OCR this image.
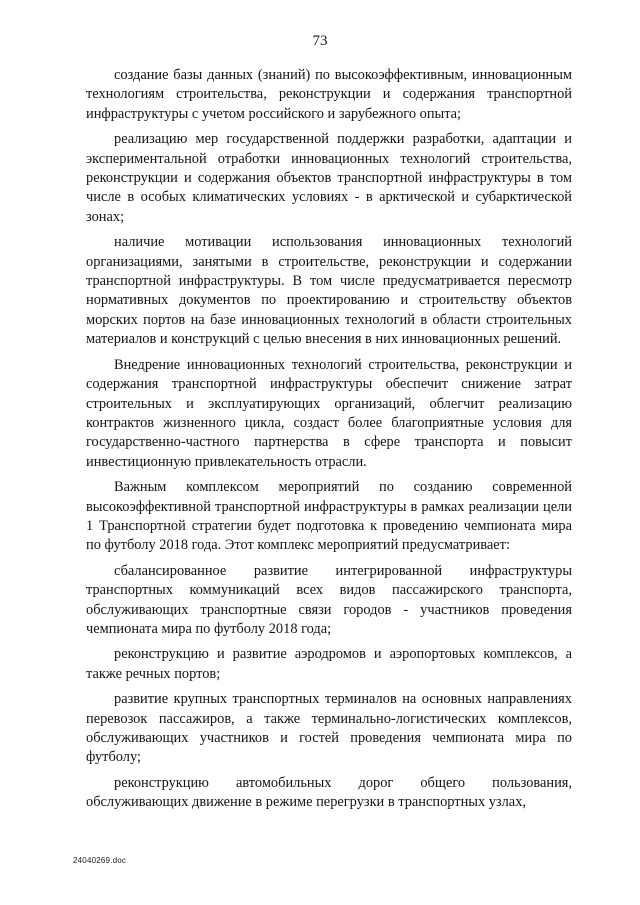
73

создание базы данных (знаний) по высокоэффективным, инновационным технологиям строительства, реконструкции и содержания транспортной инфраструктуры с учетом российского и зарубежного опыта;

реализацию мер государственной поддержки разработки, адаптации и экспериментальной отработки инновационных технологий строительства, реконструкции и содержания объектов транспортной инфраструктуры в том числе в особых климатических условиях - в арктической и субарктической зонах;

наличие мотивации использования инновационных технологий организациями, занятыми в строительстве, реконструкции и содержании транспортной инфраструктуры. В том числе предусматривается пересмотр нормативных документов по проектированию и строительству объектов морских портов на базе инновационных технологий в области строительных материалов и конструкций с целью внесения в них инновационных решений.

Внедрение инновационных технологий строительства, реконструкции и содержания транспортной инфраструктуры обеспечит снижение затрат строительных и эксплуатирующих организаций, облегчит реализацию контрактов жизненного цикла, создаст более благоприятные условия для государственно-частного партнерства в сфере транспорта и повысит инвестиционную привлекательность отрасли.

Важным комплексом мероприятий по созданию современной высокоэффективной транспортной инфраструктуры в рамках реализации цели 1 Транспортной стратегии будет подготовка к проведению чемпионата мира по футболу 2018 года. Этот комплекс мероприятий предусматривает:

сбалансированное развитие интегрированной инфраструктуры транспортных коммуникаций всех видов пассажирского транспорта, обслуживающих транспортные связи городов - участников проведения чемпионата мира по футболу 2018 года;

реконструкцию и развитие аэродромов и аэропортовых комплексов, а также речных портов;

развитие крупных транспортных терминалов на основных направлениях перевозок пассажиров, а также терминально-логистических комплексов, обслуживающих участников и гостей проведения чемпионата мира по футболу;

реконструкцию автомобильных дорог общего пользования, обслуживающих движение в режиме перегрузки в транспортных узлах,

24040269.doc
